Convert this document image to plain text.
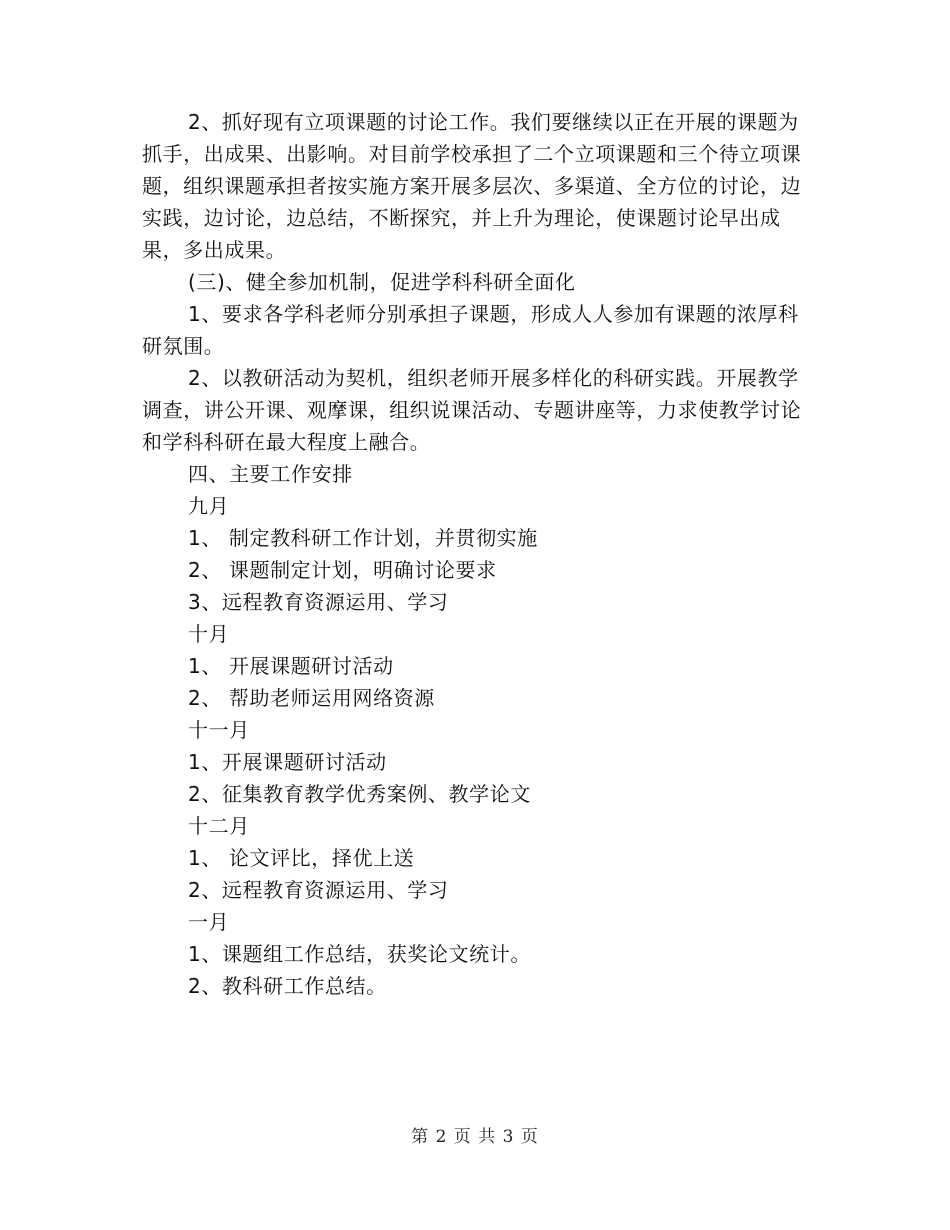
2、抓好现有立项课题的讨论工作。我们要继续以正在开展的课题为抓手，出成果、出影响。对目前学校承担了二个立项课题和三个待立项课题，组织课题承担者按实施方案开展多层次、多渠道、全方位的讨论，边实践，边讨论，边总结，不断探究，并上升为理论，使课题讨论早出成果，多出成果。

(三)、健全参加机制，促进学科科研全面化

1、要求各学科老师分别承担子课题，形成人人参加有课题的浓厚科研氛围。

2、以教研活动为契机，组织老师开展多样化的科研实践。开展教学调查，讲公开课、观摩课，组织说课活动、专题讲座等，力求使教学讨论和学科科研在最大程度上融合。

四、主要工作安排

九月

1、 制定教科研工作计划，并贯彻实施

2、 课题制定计划，明确讨论要求

3、远程教育资源运用、学习

十月

1、 开展课题研讨活动

2、 帮助老师运用网络资源

十一月

1、开展课题研讨活动

2、征集教育教学优秀案例、教学论文

十二月

1、 论文评比，择优上送

2、远程教育资源运用、学习

一月

1、课题组工作总结，获奖论文统计。

2、教科研工作总结。

第 2 页 共 3 页
